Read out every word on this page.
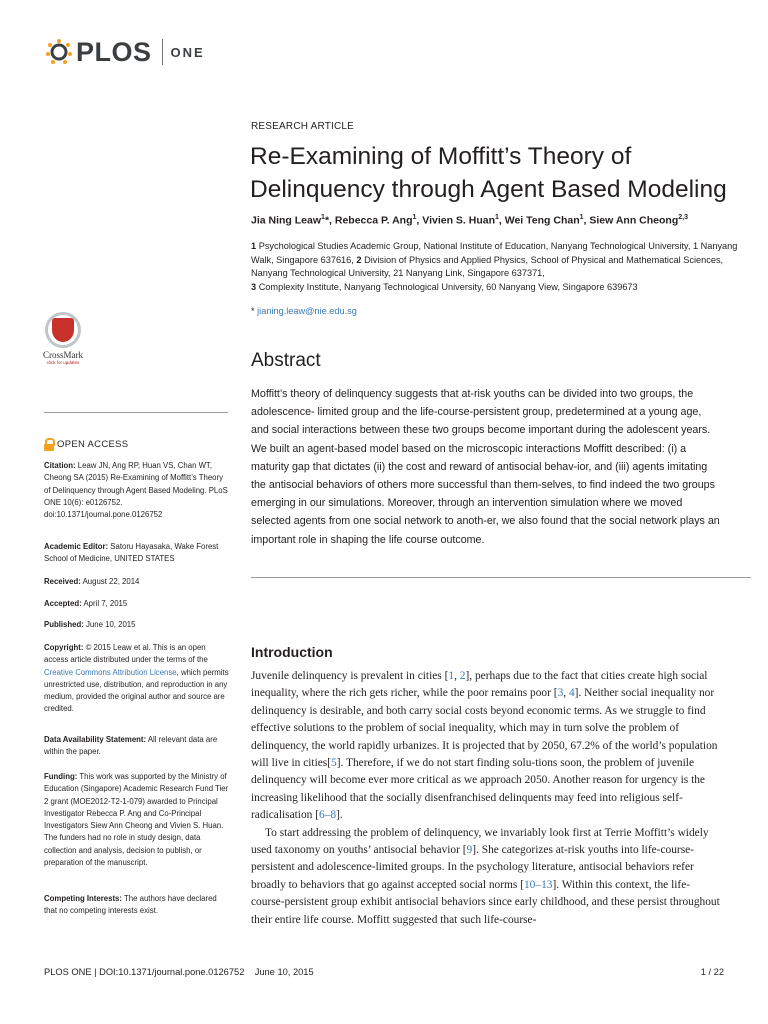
PLOS ONE
RESEARCH ARTICLE
Re-Examining of Moffitt’s Theory of
Delinquency through Agent Based Modeling
Jia Ning Leaw$^1$*, Rebecca P. Ang$^1$, Vivien S. Huan$^1$, Wei Teng Chan$^1$, Siew Ann Cheong$^{2,3}$
1 Psychological Studies Academic Group, National Institute of Education, Nanyang Technological University, 1 Nanyang Walk, Singapore 637616, 2 Division of Physics and Applied Physics, School of Physical and Mathematical Sciences, Nanyang Technological University, 21 Nanyang Link, Singapore 637371,
3 Complexity Institute, Nanyang Technological University, 60 Nanyang View, Singapore 639673
* jianing.leaw@nie.edu.sg
CrossMark
click for updates
OPEN ACCESS
Citation: Leaw JN, Ang RP, Huan VS, Chan WT, Cheong SA (2015) Re-Examining of Moffitt’s Theory of Delinquency through Agent Based Modeling. PLoS ONE 10(6): e0126752. doi:10.1371/journal.pone.0126752
Academic Editor: Satoru Hayasaka, Wake Forest School of Medicine, UNITED STATES
Received: August 22, 2014
Accepted: April 7, 2015
Published: June 10, 2015
Copyright: © 2015 Leaw et al. This is an open access article distributed under the terms of the Creative Commons Attribution License, which permits unrestricted use, distribution, and reproduction in any medium, provided the original author and source are credited.
Data Availability Statement: All relevant data are within the paper.
Funding: This work was supported by the Ministry of Education (Singapore) Academic Research Fund Tier 2 grant (MOE2012-T2-1-079) awarded to Principal Investigator Rebecca P. Ang and Co-Principal Investigators Siew Ann Cheong and Vivien S. Huan. The funders had no role in study design, data collection and analysis, decision to publish, or preparation of the manuscript.
Competing Interests: The authors have declared that no competing interests exist.
Abstract
Moffitt’s theory of delinquency suggests that at-risk youths can be divided into two groups, the adolescence- limited group and the life-course-persistent group, predetermined at a young age, and social interactions between these two groups become important during the adolescent years. We built an agent-based model based on the microscopic interactions Moffitt described: (i) a maturity gap that dictates (ii) the cost and reward of antisocial behav-ior, and (iii) agents imitating the antisocial behaviors of others more successful than them-selves, to find indeed the two groups emerging in our simulations. Moreover, through an intervention simulation where we moved selected agents from one social network to anoth-er, we also found that the social network plays an important role in shaping the life course outcome.
Introduction

Juvenile delinquency is prevalent in cities [1, 2], perhaps due to the fact that cities create high social inequality, where the rich gets richer, while the poor remains poor [3, 4]. Neither social inequality nor delinquency is desirable, and both carry social costs beyond economic terms. As we struggle to find effective solutions to the problem of social inequality, which may in turn solve the problem of delinquency, the world rapidly urbanizes. It is projected that by 2050, 67.2% of the world’s population will live in cities[5]. Therefore, if we do not start finding solu-tions soon, the problem of juvenile delinquency will become ever more critical as we approach 2050. Another reason for urgency is the increasing likelihood that the socially disenfranchised delinquents may feed into religious self-radicalisation [6–8].

To start addressing the problem of delinquency, we invariably look first at Terrie Moffitt’s widely used taxonomy on youths’ antisocial behavior [9]. She categorizes at-risk youths into life-course-persistent and adolescence-limited groups. In the psychology literature, antisocial behaviors refer broadly to behaviors that go against accepted social norms [10–13]. Within this context, the life-course-persistent group exhibit antisocial behaviors since early childhood, and these persist throughout their entire life course. Moffitt suggested that such life-course-

PLOS ONE | DOI:10.1371/journal.pone.0126752    June 10, 2015	1 / 22
